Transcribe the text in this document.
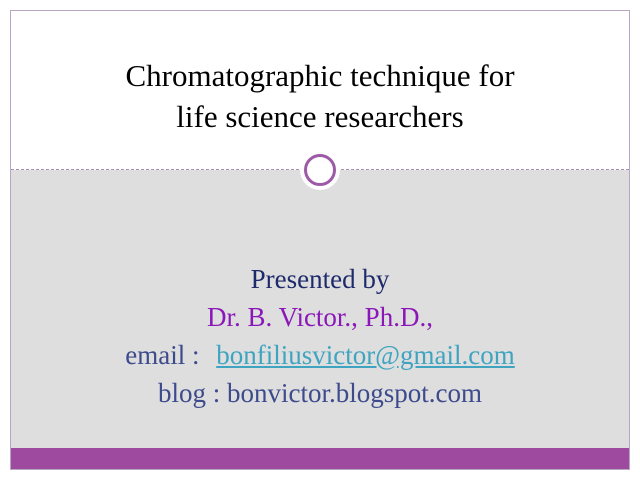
Chromatographic technique for
life science researchers
Presented by
Dr. B. Victor., Ph.D.,
email : bonfiliusvictor@gmail.com
blog : bonvictor.blogspot.com
